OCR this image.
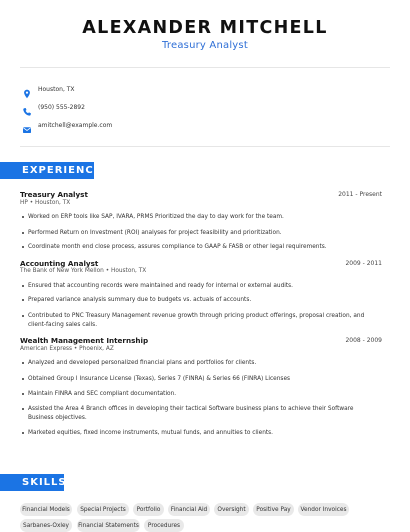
ALEXANDER MITCHELL
Treasury Analyst
Houston, TX
(950) 555-2892
amitchell@example.com
EXPERIENCE
Treasury Analyst	2011 - Present
HP • Houston, TX
Worked on ERP tools like SAP, IVARA, PRMS Prioritized the day to day work for the team.
Performed Return on Investment (ROI) analyses for project feasibility and prioritization.
Coordinate month end close process, assures compliance to GAAP & FASB or other legal requirements.
Accounting Analyst	2009 - 2011
The Bank of New York Mellon • Houston, TX
Ensured that accounting records were maintained and ready for internal or external audits.
Prepared variance analysis summary due to budgets vs. actuals of accounts.
Contributed to PNC Treasury Management revenue growth through pricing product offerings, proposal creation, and client-facing sales calls.
Wealth Management Internship	2008 - 2009
American Express • Phoenix, AZ
Analyzed and developed personalized financial plans and portfolios for clients.
Obtained Group I Insurance License (Texas), Series 7 (FINRA) & Series 66 (FINRA) Licenses
Maintain FINRA and SEC compliant documentation.
Assisted the Area 4 Branch offices in developing their tactical Software business plans to achieve their Software Business objectives.
Marketed equities, fixed income instruments, mutual funds, and annuities to clients.
SKILLS
Financial Models	Special Projects	Portfolio	Financial Aid	Oversight	Positive Pay	Vendor Invoices
Sarbanes-Oxley	Financial Statements	Procedures
